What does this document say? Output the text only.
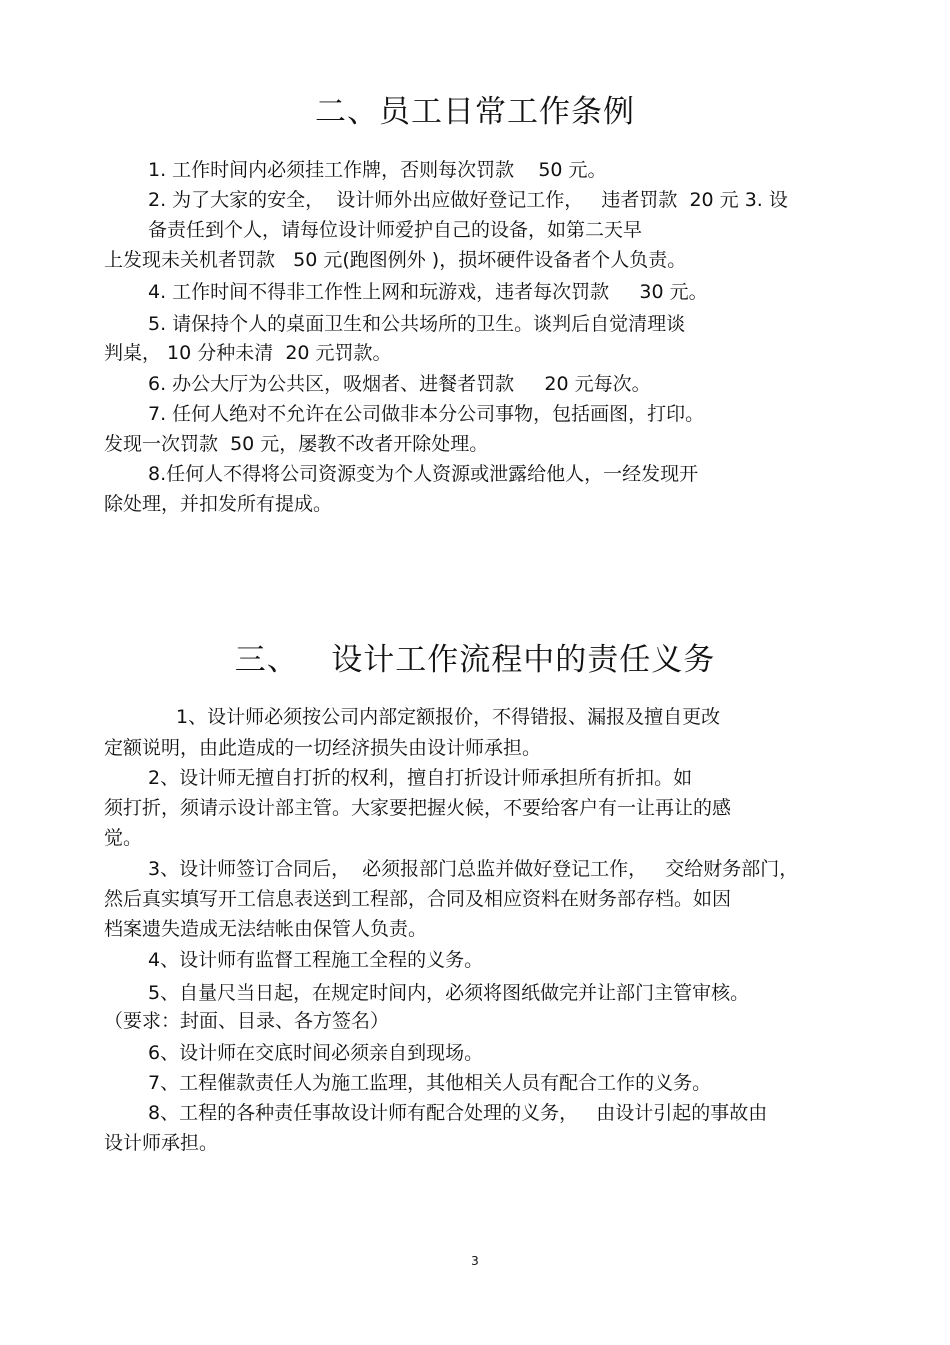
二、员工日常工作条例
1. 工作时间内必须挂工作牌，否则每次罚款    50 元。
2. 为了大家的安全，  设计师外出应做好登记工作，   违者罚款  20 元 3. 设
备责任到个人，请每位设计师爱护自己的设备，如第二天早
上发现未关机者罚款   50 元(跑图例外 )，损坏硬件设备者个人负责。
4. 工作时间不得非工作性上网和玩游戏，违者每次罚款     30 元。
5. 请保持个人的桌面卫生和公共场所的卫生。谈判后自觉清理谈
判桌， 10 分种未清  20 元罚款。
6. 办公大厅为公共区，吸烟者、进餐者罚款     20 元每次。
7. 任何人绝对不允许在公司做非本分公司事物，包括画图，打印。
发现一次罚款  50 元，屡教不改者开除处理。
8.任何人不得将公司资源变为个人资源或泄露给他人，一经发现开
除处理，并扣发所有提成。
三、   设计工作流程中的责任义务
1、设计师必须按公司内部定额报价，不得错报、漏报及擅自更改
定额说明，由此造成的一切经济损失由设计师承担。
2、设计师无擅自打折的权利，擅自打折设计师承担所有折扣。如
须打折，须请示设计部主管。大家要把握火候，不要给客户有一让再让的感
觉。
3、设计师签订合同后，  必须报部门总监并做好登记工作，   交给财务部门，
然后真实填写开工信息表送到工程部，合同及相应资料在财务部存档。如因
档案遗失造成无法结帐由保管人负责。
4、设计师有监督工程施工全程的义务。
5、自量尺当日起，在规定时间内，必须将图纸做完并让部门主管审核。
（要求：封面、目录、各方签名）
6、设计师在交底时间必须亲自到现场。
7、工程催款责任人为施工监理，其他相关人员有配合工作的义务。
8、工程的各种责任事故设计师有配合处理的义务，   由设计引起的事故由
设计师承担。
3
